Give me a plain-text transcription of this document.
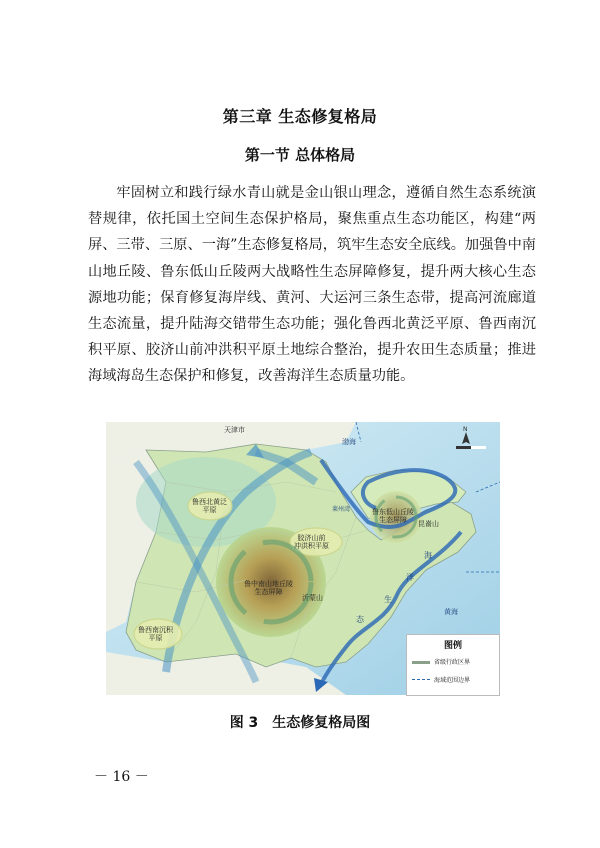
第三章 生态修复格局
第一节 总体格局

牢固树立和践行绿水青山就是金山银山理念，遵循自然生态系统演替规律，依托国土空间生态保护格局，聚焦重点生态功能区，构建“两屏、三带、三原、一海”生态修复格局，筑牢生态安全底线。加强鲁中南山地丘陵、鲁东低山丘陵两大战略性生态屏障修复，提升两大核心生态源地功能；保育修复海岸线、黄河、大运河三条生态带，提高河流廊道生态流量，提升陆海交错带生态功能；强化鲁西北黄泛平原、鲁西南沉积平原、胶济山前冲洪积平原土地综合整治，提升农田生态质量；推进海域海岛生态保护和修复，改善海洋生态质量功能。

N
天津市
鲁西北黄泛
平原
胶济山前
冲洪积平原
鲁东低山丘陵
生态屏障	昆嵛山
鲁中南山地丘陵
生态屏障
沂蒙山
鲁西南沉积
平原
莱州湾
渤海
黄海
海
洋
生
态
图例
省级行政区界
海域范围边界
图 3　生态修复格局图
－ 16 －
